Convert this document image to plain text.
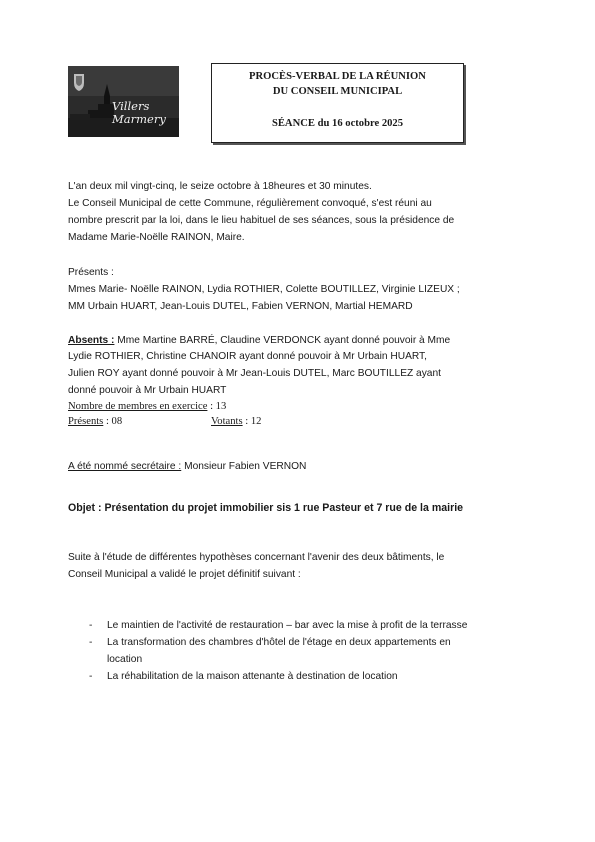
Villers
Marmery
PROCÈS-VERBAL DE LA RÉUNION
DU CONSEIL MUNICIPAL
SÉANCE du 16 octobre 2025
L'an deux mil vingt-cinq, le seize octobre à 18heures et 30 minutes.
Le Conseil Municipal de cette Commune, régulièrement convoqué, s'est réuni au
nombre prescrit par la loi, dans le lieu habituel de ses séances, sous la présidence de
Madame Marie-Noëlle RAINON, Maire.
Présents :
Mmes Marie- Noëlle RAINON, Lydia ROTHIER, Colette BOUTILLEZ, Virginie LIZEUX ;
MM Urbain HUART, Jean-Louis DUTEL, Fabien VERNON, Martial HEMARD
Absents : Mme Martine BARRÉ, Claudine VERDONCK ayant donné pouvoir à Mme
Lydie ROTHIER, Christine CHANOIR ayant donné pouvoir à Mr Urbain HUART,
Julien ROY ayant donné pouvoir à Mr Jean-Louis DUTEL, Marc BOUTILLEZ ayant
donné pouvoir à Mr Urbain HUART
Nombre de membres en exercice : 13
Présents : 08	Votants : 12
A été nommé secrétaire : Monsieur Fabien VERNON
Objet : Présentation du projet immobilier sis 1 rue Pasteur et 7 rue de la mairie
Suite à l'étude de différentes hypothèses concernant l'avenir des deux bâtiments, le
Conseil Municipal a validé le projet définitif suivant :
- Le maintien de l'activité de restauration – bar avec la mise à profit de la terrasse
- La transformation des chambres d'hôtel de l'étage en deux appartements en
location
- La réhabilitation de la maison attenante à destination de location
